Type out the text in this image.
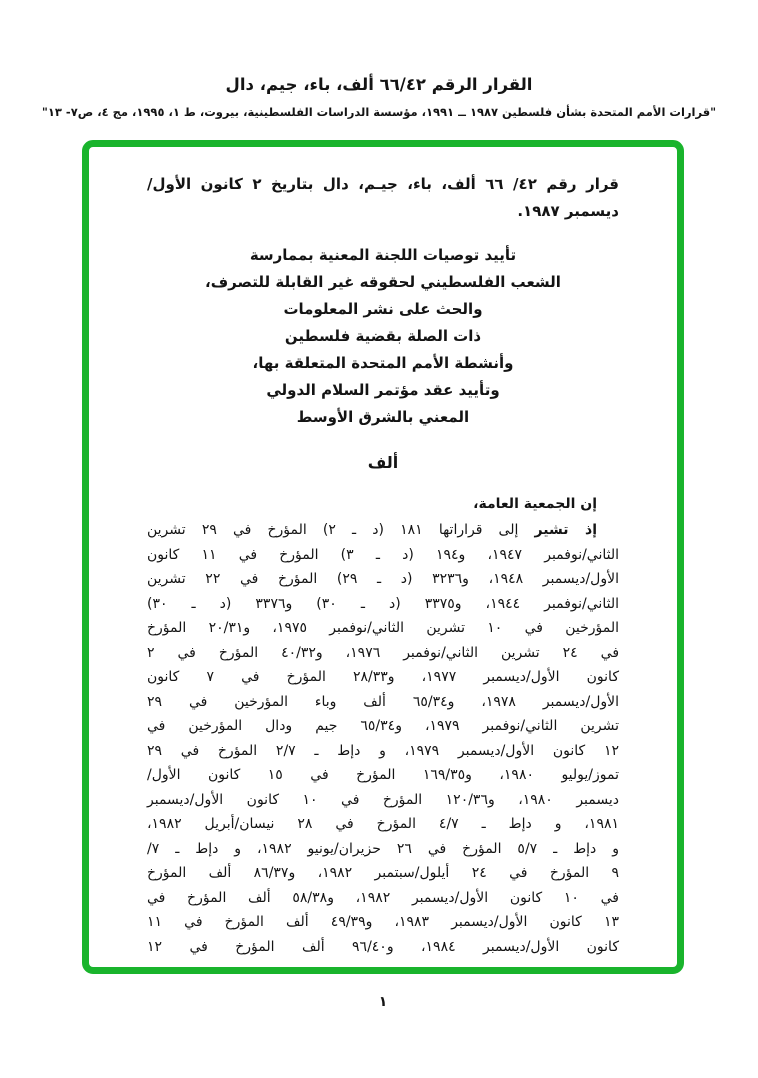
القرار الرقم ٦٦/٤٢ ألف، باء، جيم، دال
"قرارات الأمم المتحدة بشأن فلسطين ١٩٨٧ ــ ١٩٩١، مؤسسة الدراسات الفلسطينية، بيروت، ط ١، ١٩٩٥، مج ٤، ص٧- ١٣"
قرار رقم ٤٢/ ٦٦ ألف، باء، جيـم، دال بتاريخ ٢ كانون الأول/
ديسمبر ١٩٨٧.
تأييد توصيات اللجنة المعنية بممارسة
الشعب الفلسطيني لحقوقه غير القابلة للتصرف،
والحث على نشر المعلومات
ذات الصلة بقضية فلسطين
وأنشطة الأمم المتحدة المتعلقة بها،
وتأييد عقد مؤتمر السلام الدولي
المعني بالشرق الأوسط
ألف
إن الجمعية العامة،
إذ تشير إلى قراراتها ١٨١ (د ـ ٢) المؤرخ في ٢٩ تشرين
الثاني/نوفمبر ١٩٤٧، و١٩٤ (د ـ ٣) المؤرخ في ١١ كانون
الأول/ديسمبر ١٩٤٨، و٣٢٣٦ (د ـ ٢٩) المؤرخ في ٢٢ تشرين
الثاني/نوفمبر ١٩٤٤، و٣٣٧٥ (د ـ ٣٠) و٣٣٧٦ (د ـ ٣٠)
المؤرخين في ١٠ تشرين الثاني/نوفمبر ١٩٧٥، و٢٠/٣١ المؤرخ
في ٢٤ تشرين الثاني/نوفمبر ١٩٧٦، و٤٠/٣٢ المؤرخ في ٢
كانون الأول/ديسمبر ١٩٧٧، و٢٨/٣٣ المؤرخ في ٧ كانون
الأول/ديسمبر ١٩٧٨، و٦٥/٣٤ ألف وباء المؤرخين في ٢٩
تشرين الثاني/نوفمبر ١٩٧٩، و٦٥/٣٤ جيم ودال المؤرخين في
١٢ كانون الأول/ديسمبر ١٩٧٩، و دإط ـ ٢/٧ المؤرخ في ٢٩
تموز/يوليو ١٩٨٠، و١٦٩/٣٥ المؤرخ في ١٥ كانون الأول/
ديسمبر ١٩٨٠، و١٢٠/٣٦ المؤرخ في ١٠ كانون الأول/ديسمبر
١٩٨١، و دإط ـ ٤/٧ المؤرخ في ٢٨ نيسان/أبريل ١٩٨٢،
و دإط ـ ٥/٧ المؤرخ في ٢٦ حزيران/يونيو ١٩٨٢، و دإط ـ ٧/
٩ المؤرخ في ٢٤ أيلول/سبتمبر ١٩٨٢، و٨٦/٣٧ ألف المؤرخ
في ١٠ كانون الأول/ديسمبر ١٩٨٢، و٥٨/٣٨ ألف المؤرخ في
١٣ كانون الأول/ديسمبر ١٩٨٣، و٤٩/٣٩ ألف المؤرخ في ١١
كانون الأول/ديسمبر ١٩٨٤، و٩٦/٤٠ ألف المؤرخ في ١٢
١
